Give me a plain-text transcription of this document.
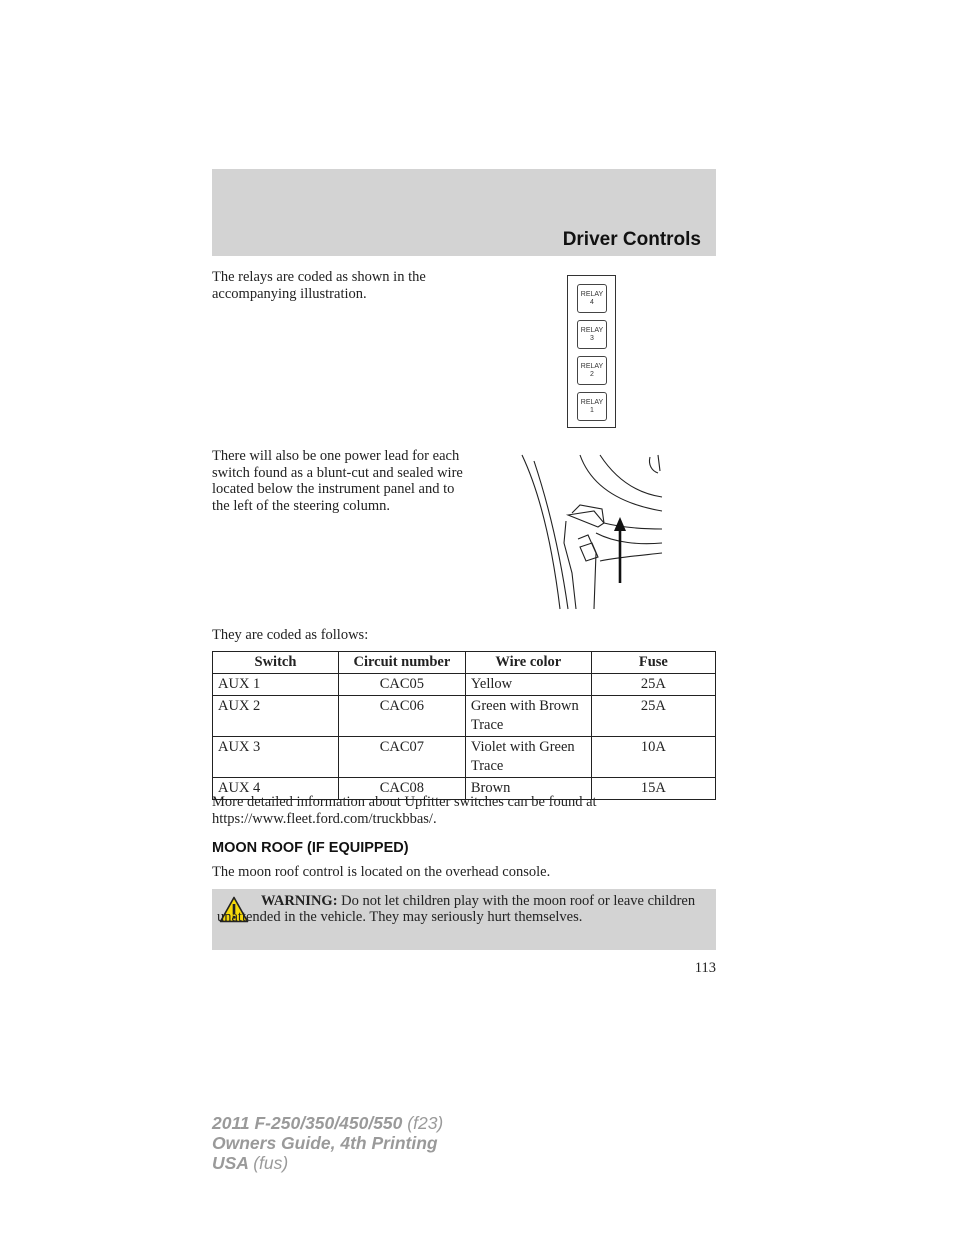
Driver Controls

The relays are coded as shown in the accompanying illustration.	RELAY
4
RELAY
3
RELAY
2
RELAY
1

There will also be one power lead for each switch found as a blunt-cut and sealed wire located below the instrument panel and to the left of the steering column.

They are coded as follows:

Switch	Circuit number	Wire color	Fuse
AUX 1	CAC05	Yellow	25A
AUX 2	CAC06	Green with Brown Trace	25A
AUX 3	CAC07	Violet with Green Trace	10A
AUX 4	CAC08	Brown	15A

More detailed information about Upfitter switches can be found at https://www.fleet.ford.com/truckbbas/.

MOON ROOF (IF EQUIPPED)

The moon roof control is located on the overhead console.

WARNING: Do not let children play with the moon roof or leave children unattended in the vehicle. They may seriously hurt themselves.

113
2011 F-250/350/450/550 (f23)
Owners Guide, 4th Printing
USA (fus)
